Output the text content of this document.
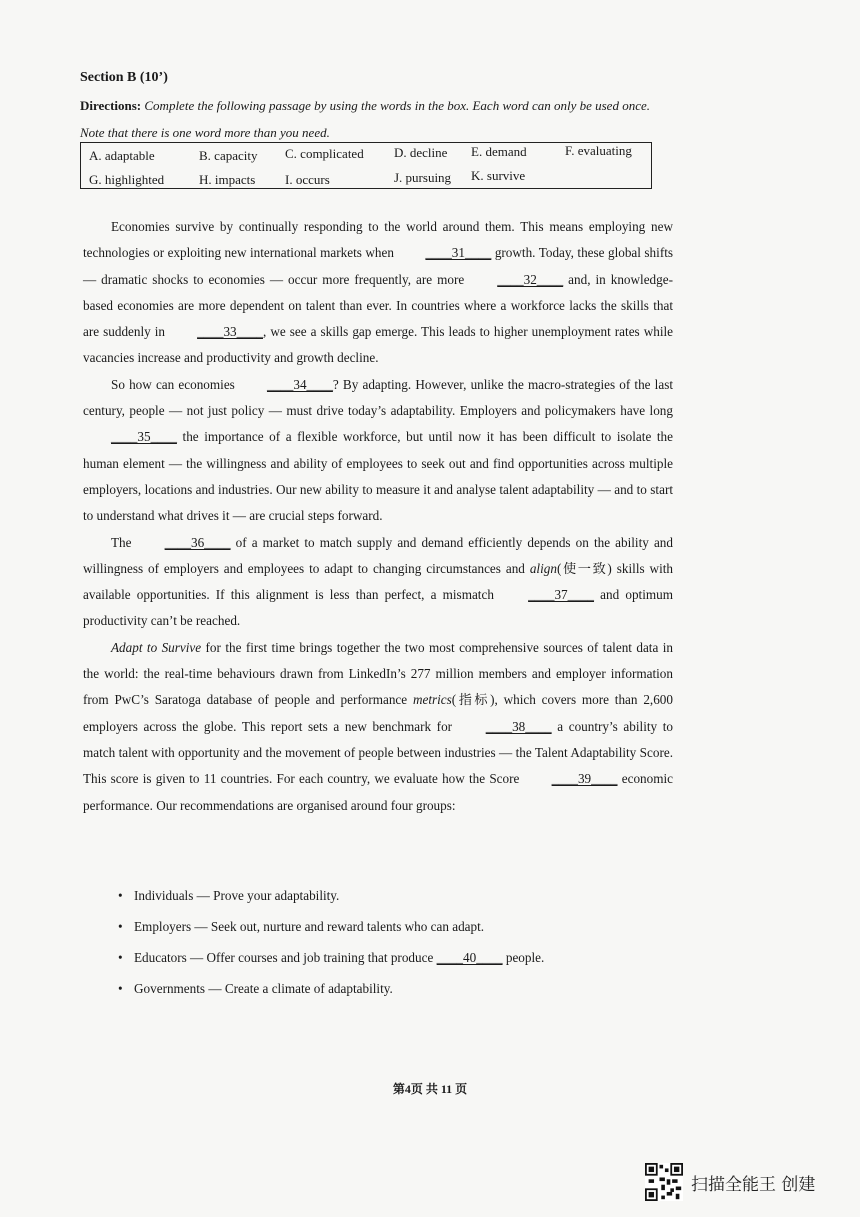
Section B (10’)
Directions: Complete the following passage by using the words in the box. Each word can only be used once. Note that there is one word more than you need.
A. adaptable	B. capacity C. complicated D. decline E. demand	F. evaluating
G. highlighted	H. impacts I. occurs	J. pursuing K. survive

Economies survive by continually responding to the world around them. This means employing new technologies or exploiting new international markets when ____31____ growth. Today, these global shifts — dramatic shocks to economies — occur more frequently, are more ____32____ and, in knowledge-based economies are more dependent on talent than ever. In countries where a workforce lacks the skills that are suddenly in ____33____, we see a skills gap emerge. This leads to higher unemployment rates while vacancies increase and productivity and growth decline.

So how can economies ____34____? By adapting. However, unlike the macro-strategies of the last century, people — not just policy — must drive today’s adaptability. Employers and policymakers have long ____35____ the importance of a flexible workforce, but until now it has been difficult to isolate the human element — the willingness and ability of employees to seek out and find opportunities across multiple employers, locations and industries. Our new ability to measure it and analyse talent adaptability — and to start to understand what drives it — are crucial steps forward.

The ____36____ of a market to match supply and demand efficiently depends on the ability and willingness of employers and employees to adapt to changing circumstances and align(使一致) skills with available opportunities. If this alignment is less than perfect, a mismatch ____37____ and optimum productivity can’t be reached.

Adapt to Survive for the first time brings together the two most comprehensive sources of talent data in the world: the real-time behaviours drawn from LinkedIn’s 277 million members and employer information from PwC’s Saratoga database of people and performance metrics(指标), which covers more than 2,600 employers across the globe. This report sets a new benchmark for ____38____ a country’s ability to match talent with opportunity and the movement of people between industries — the Talent Adaptability Score. This score is given to 11 countries. For each country, we evaluate how the Score ____39____ economic performance. Our recommendations are organised around four groups:

• Individuals — Prove your adaptability.
• Employers — Seek out, nurture and reward talents who can adapt.
• Educators — Offer courses and job training that produce ____40____ people.
• Governments — Create a climate of adaptability.
第4页 共 11 页
扫描全能王 创建
